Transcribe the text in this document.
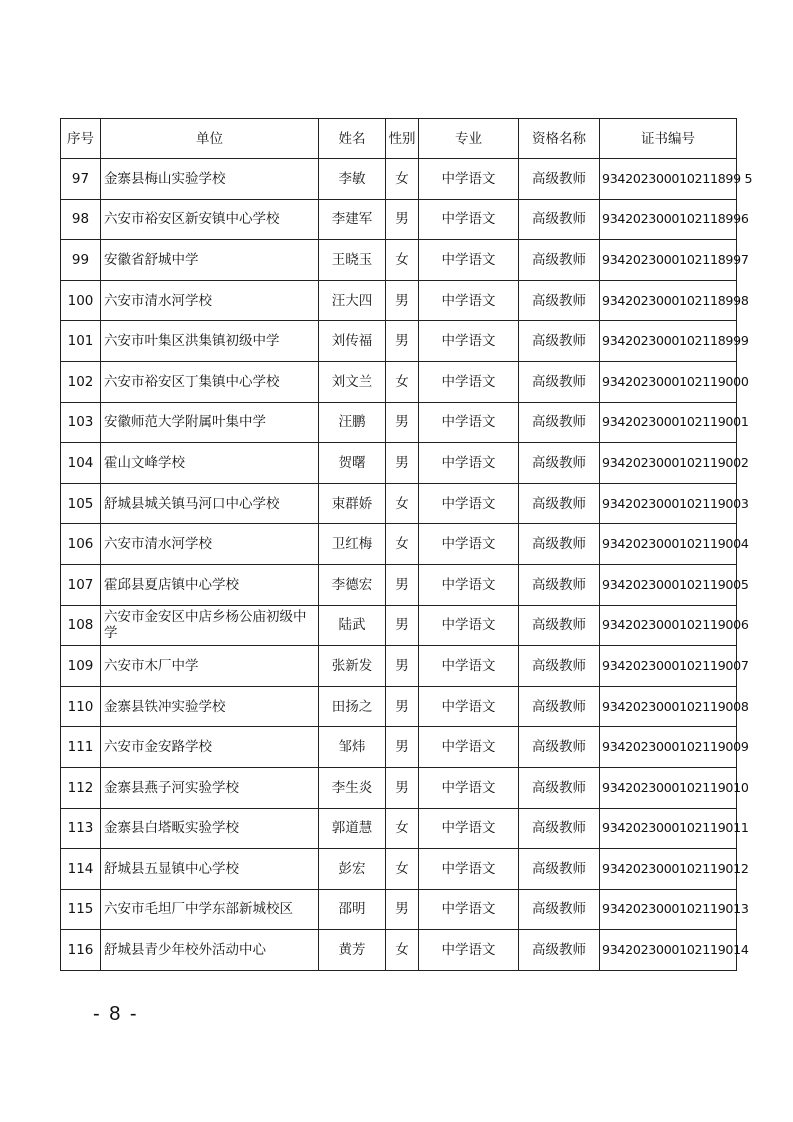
序号	单位	姓名	性别	专业	资格名称	证书编号
97	金寨县梅山实验学校	李敏	女	中学语文	高级教师	934202300010211899 5
98	六安市裕安区新安镇中心学校	李建军	男	中学语文	高级教师	9342023000102118996
99	安徽省舒城中学	王晓玉	女	中学语文	高级教师	9342023000102118997
100	六安市清水河学校	汪大四	男	中学语文	高级教师	9342023000102118998
101	六安市叶集区洪集镇初级中学	刘传福	男	中学语文	高级教师	9342023000102118999
102	六安市裕安区丁集镇中心学校	刘文兰	女	中学语文	高级教师	9342023000102119000
103	安徽师范大学附属叶集中学	汪鹏	男	中学语文	高级教师	9342023000102119001
104	霍山文峰学校	贺曙	男	中学语文	高级教师	9342023000102119002
105	舒城县城关镇马河口中心学校	束群娇	女	中学语文	高级教师	9342023000102119003
106	六安市清水河学校	卫红梅	女	中学语文	高级教师	9342023000102119004
107	霍邱县夏店镇中心学校	李德宏	男	中学语文	高级教师	9342023000102119005
108	六安市金安区中店乡杨公庙初级中学	陆武	男	中学语文	高级教师	9342023000102119006
109	六安市木厂中学	张新发	男	中学语文	高级教师	9342023000102119007
110	金寨县铁冲实验学校	田扬之	男	中学语文	高级教师	9342023000102119008
111	六安市金安路学校	邹炜	男	中学语文	高级教师	9342023000102119009
112	金寨县燕子河实验学校	李生炎	男	中学语文	高级教师	9342023000102119010
113	金寨县白塔畈实验学校	郭道慧	女	中学语文	高级教师	9342023000102119011
114	舒城县五显镇中心学校	彭宏	女	中学语文	高级教师	9342023000102119012
115	六安市毛坦厂中学东部新城校区	邵明	男	中学语文	高级教师	9342023000102119013
116	舒城县青少年校外活动中心	黄芳	女	中学语文	高级教师	9342023000102119014
- 8 -
